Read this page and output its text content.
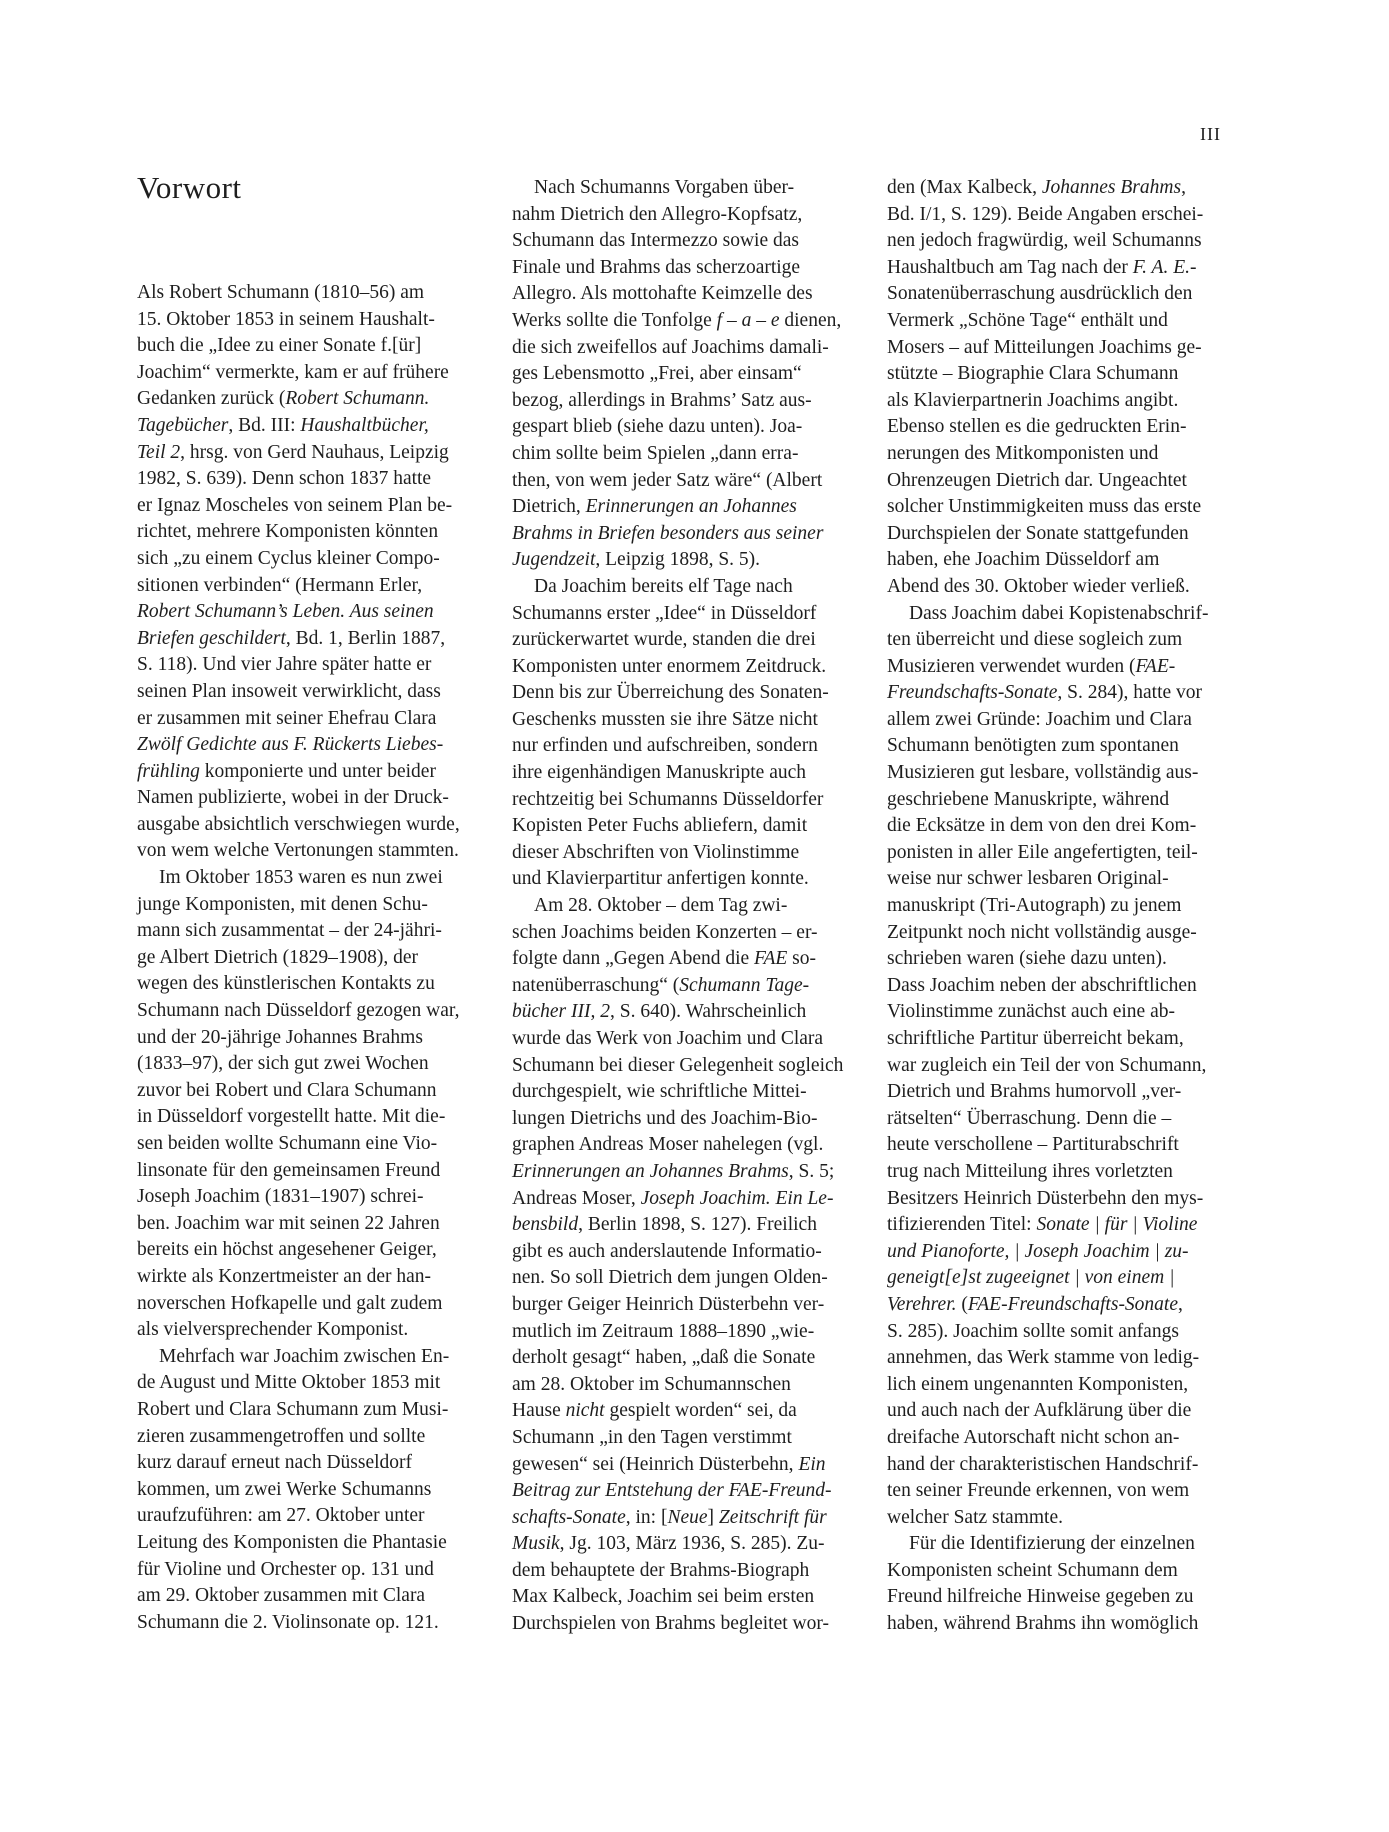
III
Vorwort

Als Robert Schumann (1810–56) am
15. Oktober 1853 in seinem Haushalt-
buch die „Idee zu einer Sonate f.[ür]
Joachim“ vermerkte, kam er auf frühere
Gedanken zurück (Robert Schumann.
Tagebücher, Bd. III: Haushaltbücher,
Teil 2, hrsg. von Gerd Nauhaus, Leipzig
1982, S. 639). Denn schon 1837 hatte
er Ignaz Moscheles von seinem Plan be-
richtet, mehrere Komponisten könnten
sich „zu einem Cyclus kleiner Compo-
sitionen verbinden“ (Hermann Erler,
Robert Schumann’s Leben. Aus seinen
Briefen geschildert, Bd. 1, Berlin 1887,
S. 118). Und vier Jahre später hatte er
seinen Plan insoweit verwirklicht, dass
er zusammen mit seiner Ehefrau Clara
Zwölf Gedichte aus F. Rückerts Liebes-
frühling komponierte und unter beider
Namen publizierte, wobei in der Druck-
ausgabe absichtlich verschwiegen wurde,
von wem welche Vertonungen stammten.

Im Oktober 1853 waren es nun zwei
junge Komponisten, mit denen Schu-
mann sich zusammentat – der 24-jähri-
ge Albert Dietrich (1829–1908), der
wegen des künstlerischen Kontakts zu
Schumann nach Düsseldorf gezogen war,
und der 20-jährige Johannes Brahms
(1833–97), der sich gut zwei Wochen
zuvor bei Robert und Clara Schumann
in Düsseldorf vorgestellt hatte. Mit die-
sen beiden wollte Schumann eine Vio-
linsonate für den gemeinsamen Freund
Joseph Joachim (1831–1907) schrei-
ben. Joachim war mit seinen 22 Jahren
bereits ein höchst angesehener Geiger,
wirkte als Konzertmeister an der han-
noverschen Hofkapelle und galt zudem
als vielversprechender Komponist.

Mehrfach war Joachim zwischen En-
de August und Mitte Oktober 1853 mit
Robert und Clara Schumann zum Musi-
zieren zusammengetroffen und sollte
kurz darauf erneut nach Düsseldorf
kommen, um zwei Werke Schumanns
uraufzuführen: am 27. Oktober unter
Leitung des Komponisten die Phantasie
für Violine und Orchester op. 131 und
am 29. Oktober zusammen mit Clara
Schumann die 2. Violinsonate op. 121.

Nach Schumanns Vorgaben über-
nahm Dietrich den Allegro-Kopfsatz,
Schumann das Intermezzo sowie das
Finale und Brahms das scherzoartige
Allegro. Als mottohafte Keimzelle des
Werks sollte die Tonfolge f – a – e dienen,
die sich zweifellos auf Joachims damali-
ges Lebensmotto „Frei, aber einsam“
bezog, allerdings in Brahms’ Satz aus-
gespart blieb (siehe dazu unten). Joa-
chim sollte beim Spielen „dann erra-
then, von wem jeder Satz wäre“ (Albert
Dietrich, Erinnerungen an Johannes
Brahms in Briefen besonders aus seiner
Jugendzeit, Leipzig 1898, S. 5).

Da Joachim bereits elf Tage nach
Schumanns erster „Idee“ in Düsseldorf
zurückerwartet wurde, standen die drei
Komponisten unter enormem Zeitdruck.
Denn bis zur Überreichung des Sonaten-
Geschenks mussten sie ihre Sätze nicht
nur erfinden und aufschreiben, sondern
ihre eigenhändigen Manuskripte auch
rechtzeitig bei Schumanns Düsseldorfer
Kopisten Peter Fuchs abliefern, damit
dieser Abschriften von Violinstimme
und Klavierpartitur anfertigen konnte.

Am 28. Oktober – dem Tag zwi-
schen Joachims beiden Konzerten – er-
folgte dann „Gegen Abend die FAE so-
natenüberraschung“ (Schumann Tage-
bücher III, 2, S. 640). Wahrscheinlich
wurde das Werk von Joachim und Clara
Schumann bei dieser Gelegenheit sogleich
durchgespielt, wie schriftliche Mittei-
lungen Dietrichs und des Joachim-Bio-
graphen Andreas Moser nahelegen (vgl.
Erinnerungen an Johannes Brahms, S. 5;
Andreas Moser, Joseph Joachim. Ein Le-
bensbild, Berlin 1898, S. 127). Freilich
gibt es auch anderslautende Informatio-
nen. So soll Dietrich dem jungen Olden-
burger Geiger Heinrich Düsterbehn ver-
mutlich im Zeitraum 1888–1890 „wie-
derholt gesagt“ haben, „daß die Sonate
am 28. Oktober im Schumannschen
Hause nicht gespielt worden“ sei, da
Schumann „in den Tagen verstimmt
gewesen“ sei (Heinrich Düsterbehn, Ein
Beitrag zur Entstehung der FAE-Freund-
schafts-Sonate, in: [Neue] Zeitschrift für
Musik, Jg. 103, März 1936, S. 285). Zu-
dem behauptete der Brahms-Biograph
Max Kalbeck, Joachim sei beim ersten
Durchspielen von Brahms begleitet wor-

den (Max Kalbeck, Johannes Brahms,
Bd. I/1, S. 129). Beide Angaben erschei-
nen jedoch fragwürdig, weil Schumanns
Haushaltbuch am Tag nach der F. A. E.-
Sonatenüberraschung ausdrücklich den
Vermerk „Schöne Tage“ enthält und
Mosers – auf Mitteilungen Joachims ge-
stützte – Biographie Clara Schumann
als Klavierpartnerin Joachims angibt.
Ebenso stellen es die gedruckten Erin-
nerungen des Mitkomponisten und
Ohrenzeugen Dietrich dar. Ungeachtet
solcher Unstimmigkeiten muss das erste
Durchspielen der Sonate stattgefunden
haben, ehe Joachim Düsseldorf am
Abend des 30. Oktober wieder verließ.

Dass Joachim dabei Kopistenabschrif-
ten überreicht und diese sogleich zum
Musizieren verwendet wurden (FAE-
Freundschafts-Sonate, S. 284), hatte vor
allem zwei Gründe: Joachim und Clara
Schumann benötigten zum spontanen
Musizieren gut lesbare, vollständig aus-
geschriebene Manuskripte, während
die Ecksätze in dem von den drei Kom-
ponisten in aller Eile angefertigten, teil-
weise nur schwer lesbaren Original-
manuskript (Tri-Autograph) zu jenem
Zeitpunkt noch nicht vollständig ausge-
schrieben waren (siehe dazu unten).
Dass Joachim neben der abschriftlichen
Violinstimme zunächst auch eine ab-
schriftliche Partitur überreicht bekam,
war zugleich ein Teil der von Schumann,
Dietrich und Brahms humorvoll „ver-
rätselten“ Überraschung. Denn die –
heute verschollene – Partiturabschrift
trug nach Mitteilung ihres vorletzten
Besitzers Heinrich Düsterbehn den mys-
tifizierenden Titel: Sonate | für | Violine
und Pianoforte, | Joseph Joachim | zu-
geneigt[e]st zugeeignet | von einem |
Verehrer. (FAE-Freundschafts-Sonate,
S. 285). Joachim sollte somit anfangs
annehmen, das Werk stamme von ledig-
lich einem ungenannten Komponisten,
und auch nach der Aufklärung über die
dreifache Autorschaft nicht schon an-
hand der charakteristischen Handschrif-
ten seiner Freunde erkennen, von wem
welcher Satz stammte.

Für die Identifizierung der einzelnen
Komponisten scheint Schumann dem
Freund hilfreiche Hinweise gegeben zu
haben, während Brahms ihn womöglich
